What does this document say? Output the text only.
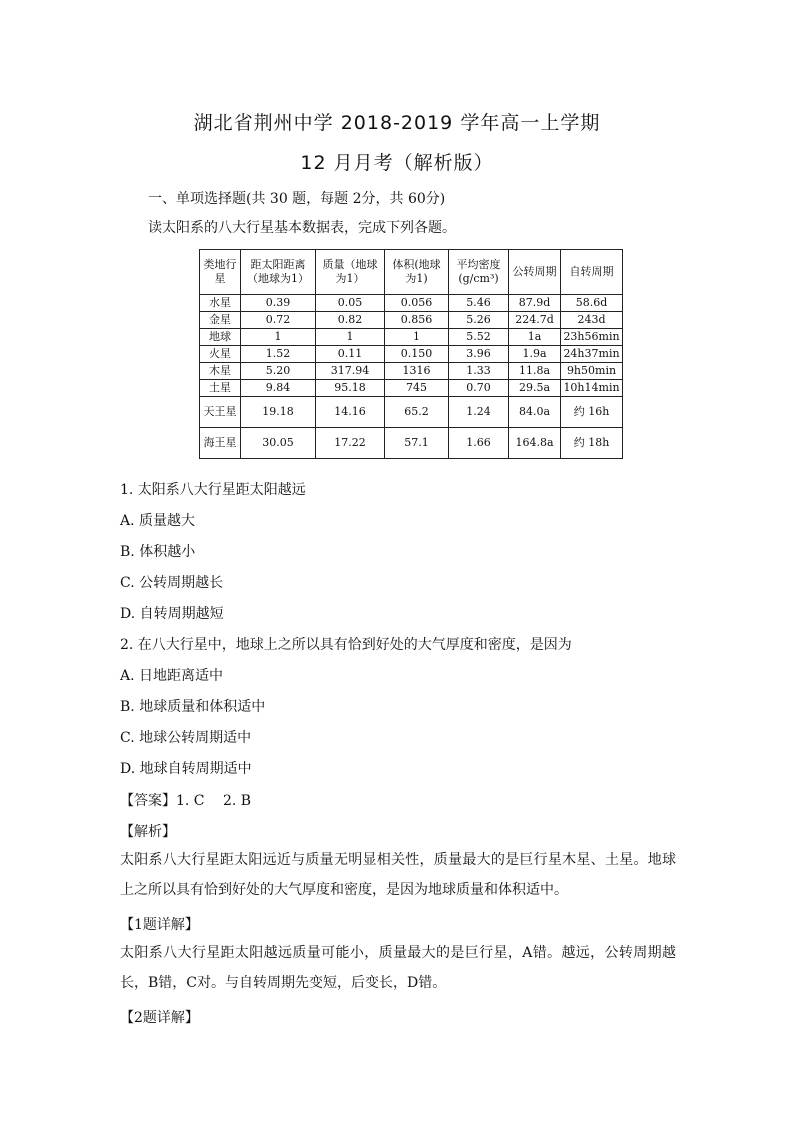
湖北省荆州中学 2018-2019 学年高一上学期
12 月月考（解析版）
一、单项选择题(共 30 题，每题 2分，共 60分)
读太阳系的八大行星基本数据表，完成下列各题。
类地行星	距太阳距离（地球为1）	质量（地球为1）	体积(地球为1)	平均密度(g/cm³)	公转周期	自转周期
水星	0.39	0.05	0.056	5.46	87.9d	58.6d
金星	0.72	0.82	0.856	5.26	224.7d	243d
地球	1	1	1	5.52	1a	23h56min
火星	1.52	0.11	0.150	3.96	1.9a	24h37min
木星	5.20	317.94	1316	1.33	11.8a	9h50min
土星	9.84	95.18	745	0.70	29.5a	10h14min
天王星	19.18	14.16	65.2	1.24	84.0a	约 16h
海王星	30.05	17.22	57.1	1.66	164.8a	约 18h
1. 太阳系八大行星距太阳越远
A. 质量越大
B. 体积越小
C. 公转周期越长
D. 自转周期越短
2. 在八大行星中，地球上之所以具有恰到好处的大气厚度和密度，是因为
A. 日地距离适中
B. 地球质量和体积适中
C. 地球公转周期适中
D. 地球自转周期适中
【答案】1. C　 2. B
【解析】
太阳系八大行星距太阳远近与质量无明显相关性，质量最大的是巨行星木星、土星。地球上之所以具有恰到好处的大气厚度和密度，是因为地球质量和体积适中。
【1题详解】
太阳系八大行星距太阳越远质量可能小，质量最大的是巨行星，A错。越远，公转周期越长，B错，C对。与自转周期先变短，后变长，D错。
【2题详解】
